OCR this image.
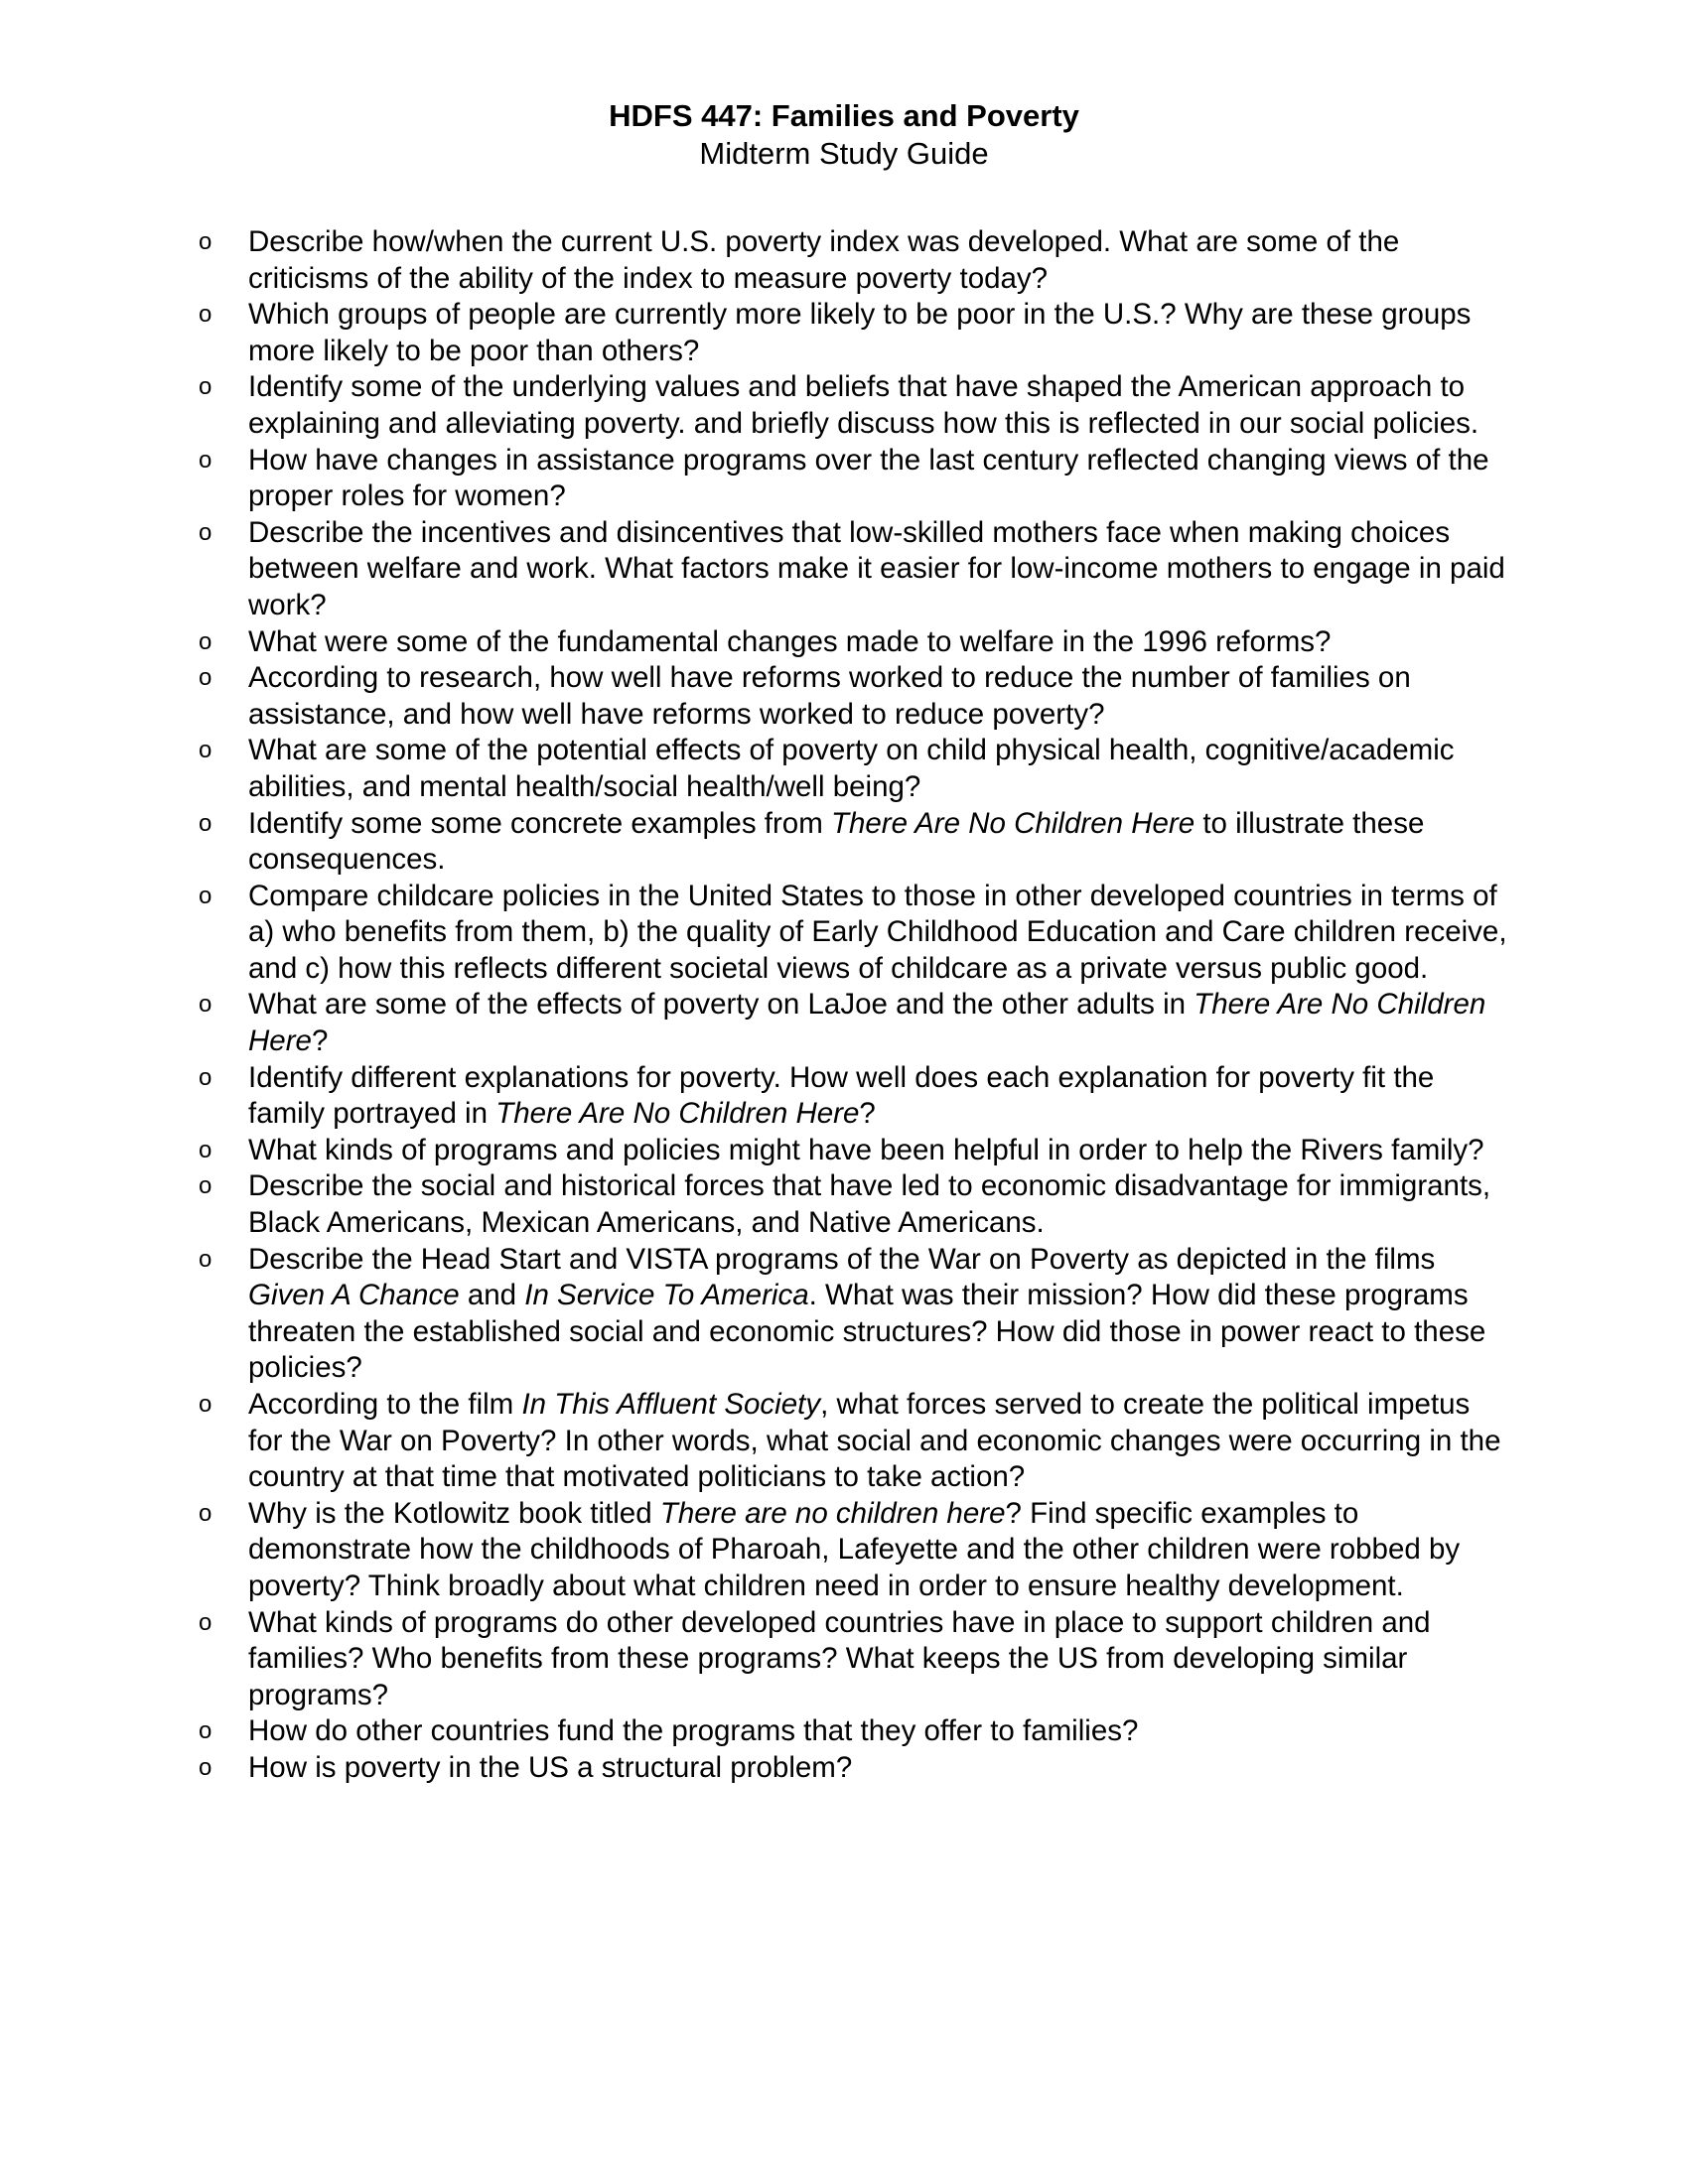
HDFS 447: Families and Poverty
Midterm Study Guide
o Describe how/when the current U.S. poverty index was developed. What are some of the criticisms of the ability of the index to measure poverty today?
o Which groups of people are currently more likely to be poor in the U.S.? Why are these groups more likely to be poor than others?
o Identify some of the underlying values and beliefs that have shaped the American approach to explaining and alleviating poverty. and briefly discuss how this is reflected in our social policies.
o How have changes in assistance programs over the last century reflected changing views of the proper roles for women?
o Describe the incentives and disincentives that low-skilled mothers face when making choices between welfare and work. What factors make it easier for low-income mothers to engage in paid work?
o What were some of the fundamental changes made to welfare in the 1996 reforms?
o According to research, how well have reforms worked to reduce the number of families on assistance, and how well have reforms worked to reduce poverty?
o What are some of the potential effects of poverty on child physical health, cognitive/academic abilities, and mental health/social health/well being?
o Identify some some concrete examples from There Are No Children Here to illustrate these consequences.
o Compare childcare policies in the United States to those in other developed countries in terms of a) who benefits from them, b) the quality of Early Childhood Education and Care children receive, and c) how this reflects different societal views of childcare as a private versus public good.
o What are some of the effects of poverty on LaJoe and the other adults in There Are No Children Here?
o Identify different explanations for poverty. How well does each explanation for poverty fit the family portrayed in There Are No Children Here?
o What kinds of programs and policies might have been helpful in order to help the Rivers family?
o Describe the social and historical forces that have led to economic disadvantage for immigrants, Black Americans, Mexican Americans, and Native Americans.
o Describe the Head Start and VISTA programs of the War on Poverty as depicted in the films Given A Chance and In Service To America. What was their mission? How did these programs threaten the established social and economic structures? How did those in power react to these policies?
o According to the film In This Affluent Society, what forces served to create the political impetus for the War on Poverty? In other words, what social and economic changes were occurring in the country at that time that motivated politicians to take action?
o Why is the Kotlowitz book titled There are no children here? Find specific examples to demonstrate how the childhoods of Pharoah, Lafeyette and the other children were robbed by poverty? Think broadly about what children need in order to ensure healthy development.
o What kinds of programs do other developed countries have in place to support children and families? Who benefits from these programs? What keeps the US from developing similar programs?
o How do other countries fund the programs that they offer to families?
o How is poverty in the US a structural problem?
